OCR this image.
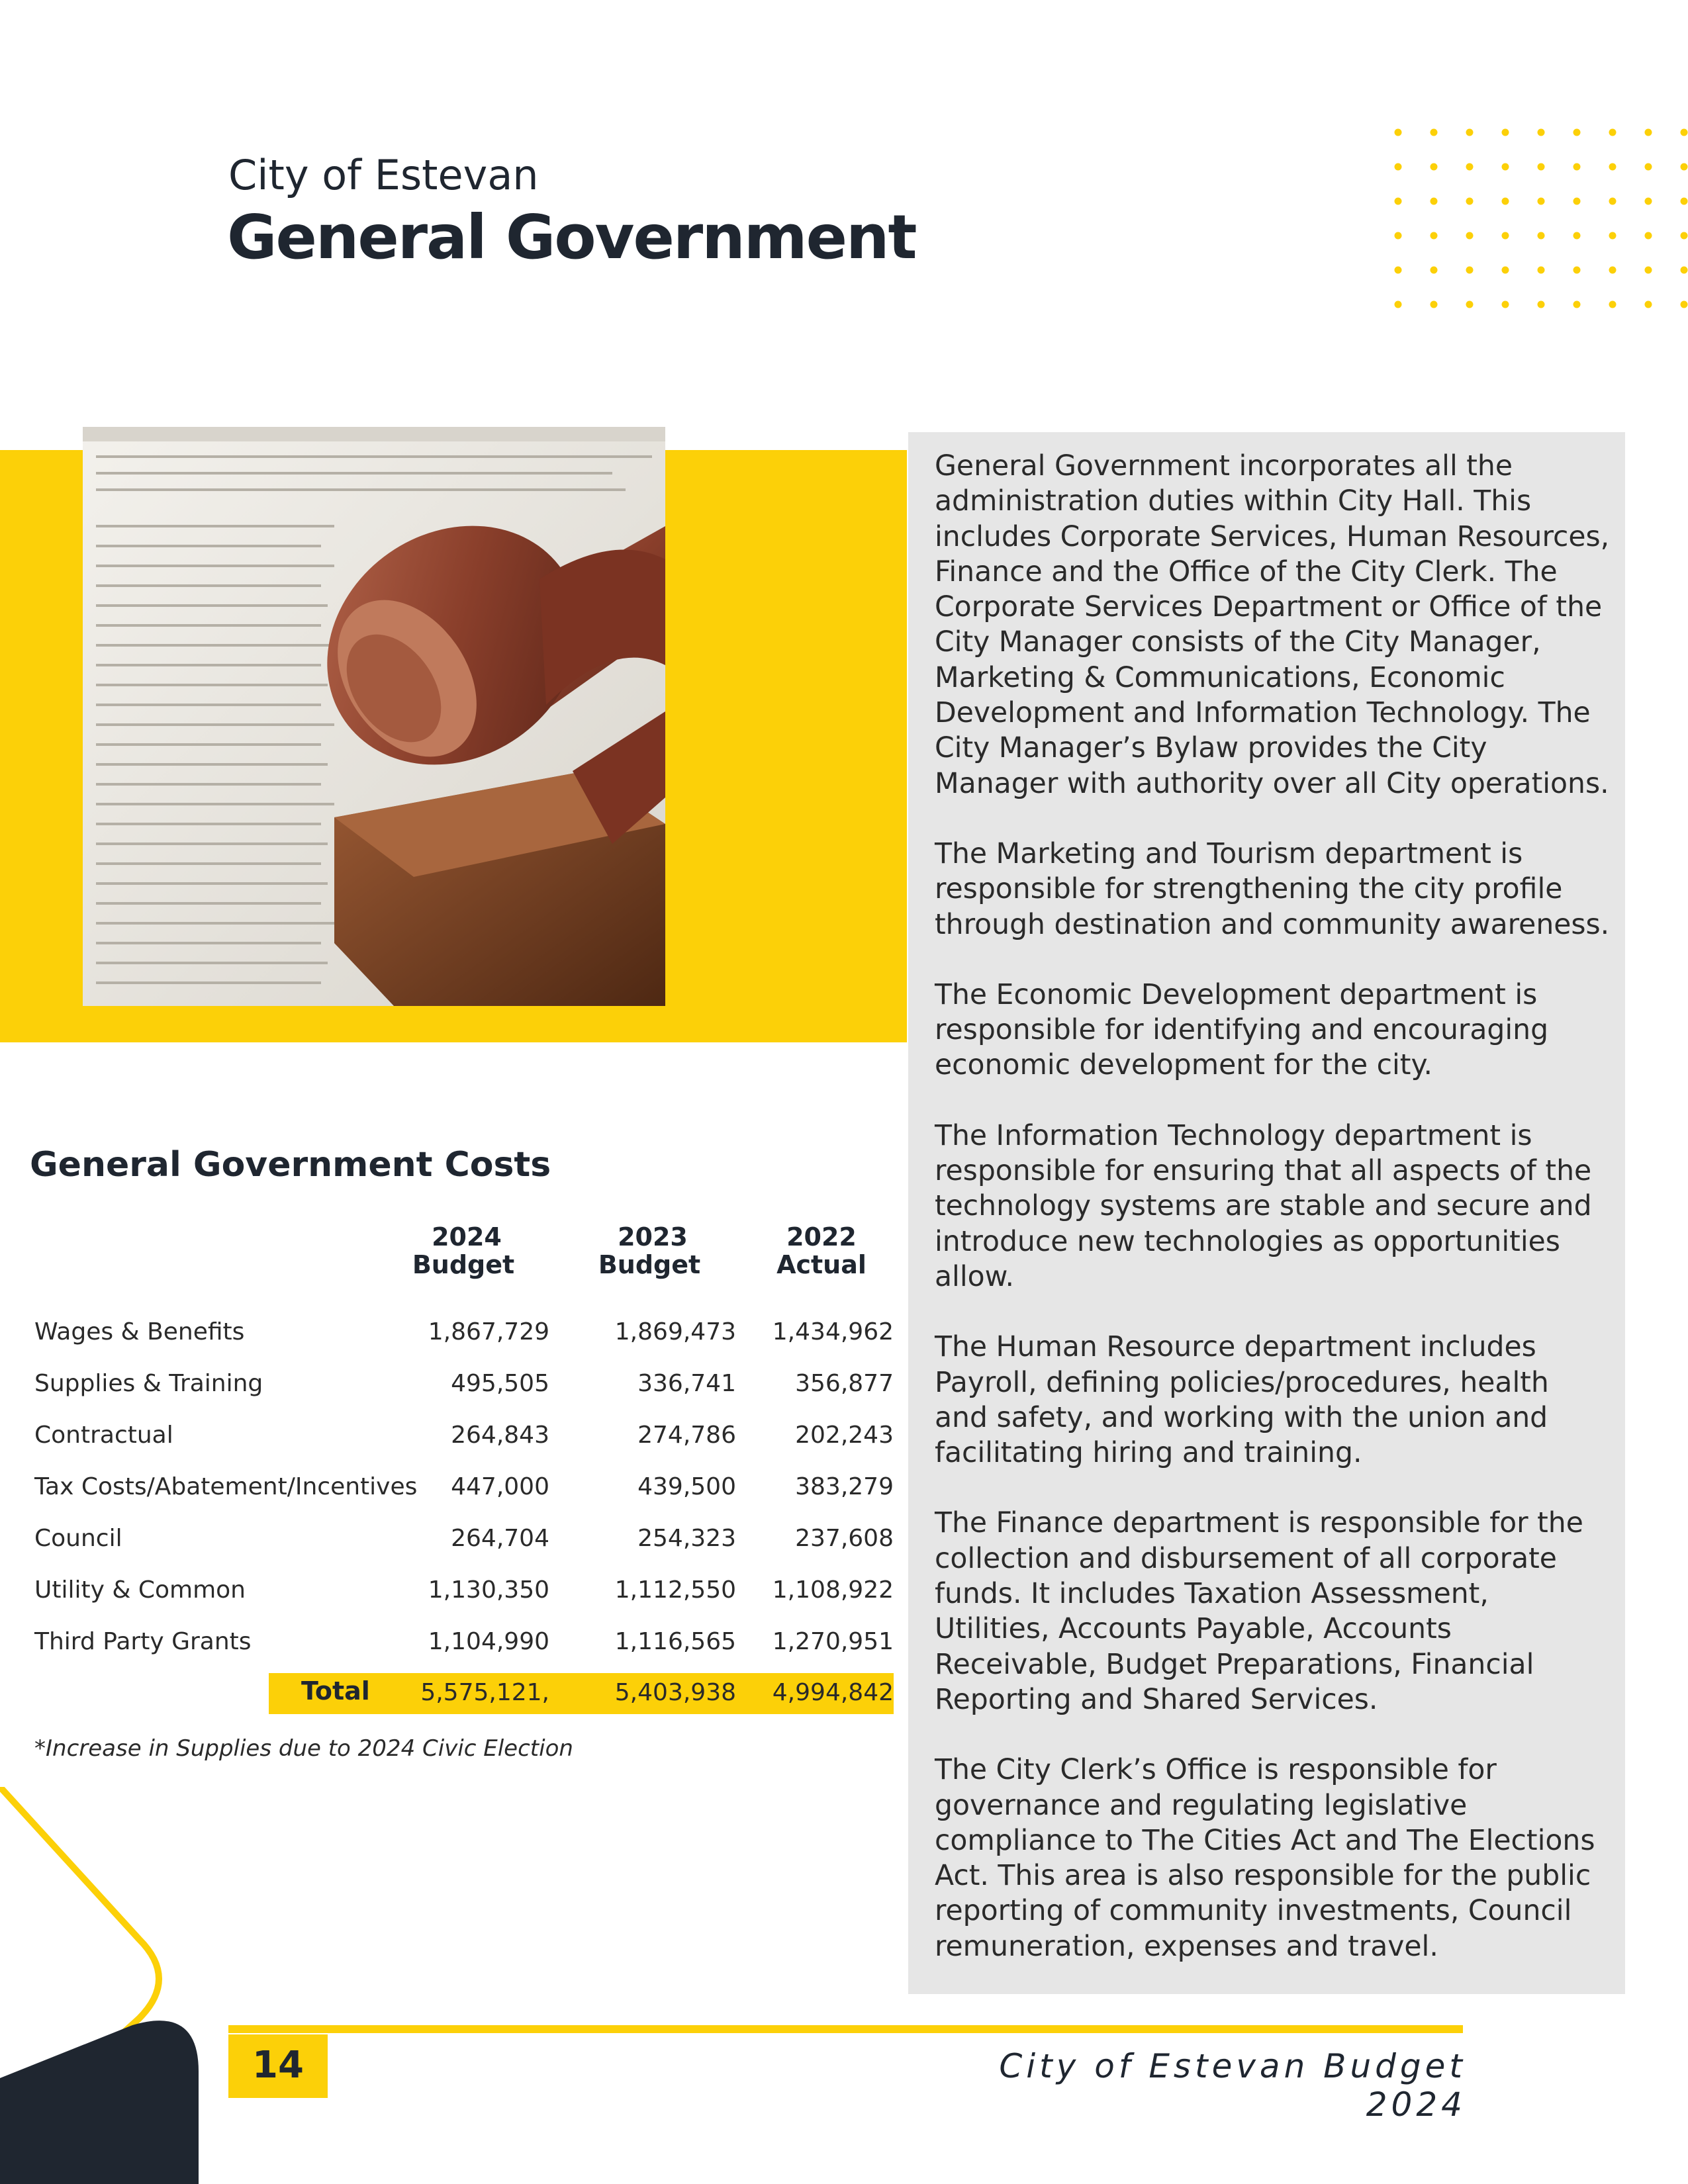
City of Estevan
General Government

General Government incorporates all the administration duties within City Hall. This includes Corporate Services, Human Resources, Finance and the Office of the City Clerk. The Corporate Services Department or Office of the City Manager consists of the City Manager, Marketing & Communications, Economic Development and Information Technology. The City Manager’s Bylaw provides the City Manager with authority over all City operations.

The Marketing and Tourism department is responsible for strengthening the city profile through destination and community awareness.

The Economic Development department is responsible for identifying and encouraging economic development for the city.

The Information Technology department is responsible for ensuring that all aspects of the technology systems are stable and secure and introduce new technologies as opportunities allow.

The Human Resource department includes Payroll, defining policies/procedures, health and safety, and working with the union and facilitating hiring and training.

The Finance department is responsible for the collection and disbursement of all corporate funds. It includes Taxation Assessment, Utilities, Accounts Payable, Accounts Receivable, Budget Preparations, Financial Reporting and Shared Services.

The City Clerk’s Office is responsible for governance and regulating legislative compliance to The Cities Act and The Elections Act. This area is also responsible for the public reporting of community investments, Council remuneration, expenses and travel.

General Government Costs
2024
Budget
2023
Budget
2022
Actual
Wages & Benefits	1,867,729	1,869,473	1,434,962
Supplies & Training	495,505	336,741	356,877
Contractual	264,843	274,786	202,243
Tax Costs/Abatement/Incentives	447,000	439,500	383,279
Council	264,704	254,323	237,608
Utility & Common	1,130,350	1,112,550	1,108,922
Third Party Grants	1,104,990	1,116,565	1,270,951
Total	5,575,121,	5,403,938	4,994,842
*Increase in Supplies due to 2024 Civic Election
14	City of Estevan Budget 2024
